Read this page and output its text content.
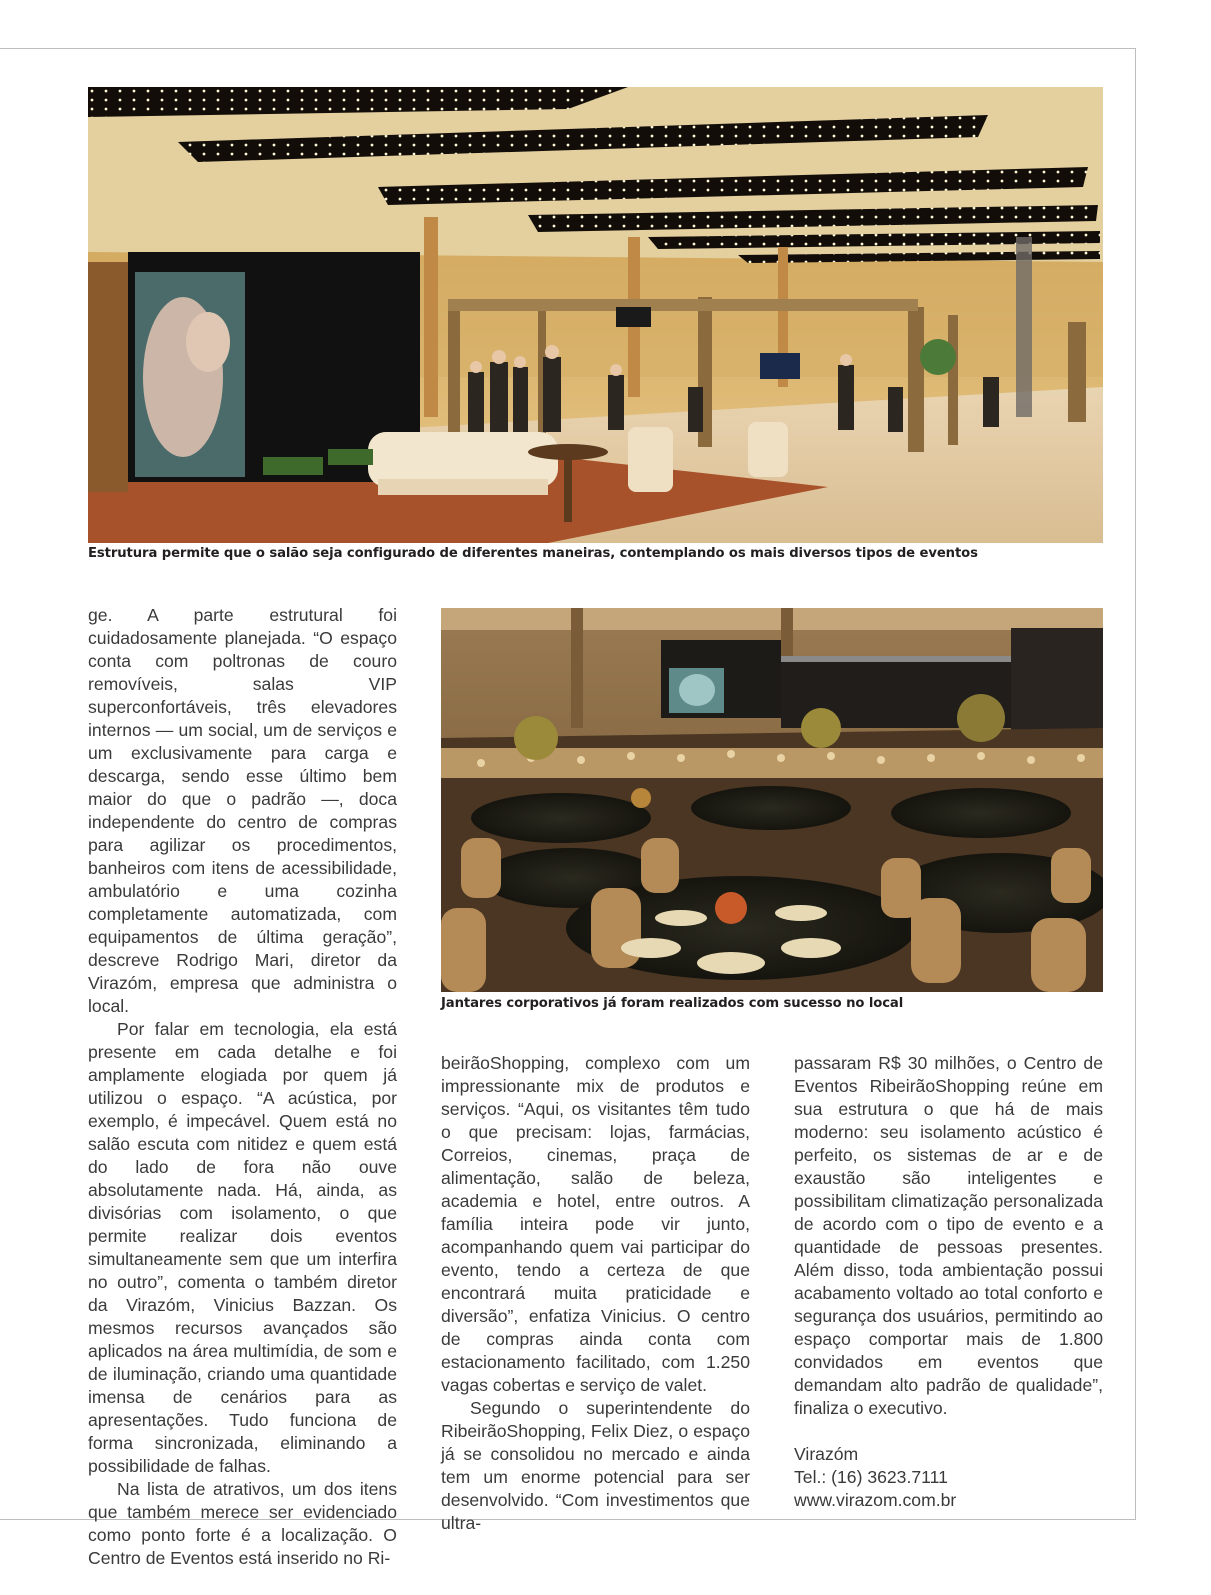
Estrutura permite que o salão seja configurado de diferentes maneiras, contemplando os mais diversos tipos de eventos
Jantares corporativos já foram realizados com sucesso no local

ge. A parte estrutural foi cuidadosamente planejada. “O espaço conta com poltronas de couro removíveis, salas VIP superconfortáveis, três elevadores internos — um social, um de serviços e um exclusivamente para carga e descarga, sendo esse último bem maior do que o padrão —, doca independente do centro de compras para agilizar os procedimentos, banheiros com itens de acessibilidade, ambulatório e uma cozinha completamente automatizada, com equipamentos de última geração”, descreve Rodrigo Mari, diretor da Virazóm, empresa que administra o local.

Por falar em tecnologia, ela está presente em cada detalhe e foi amplamente elogiada por quem já utilizou o espaço. “A acústica, por exemplo, é impecável. Quem está no salão escuta com nitidez e quem está do lado de fora não ouve absolutamente nada. Há, ainda, as divisórias com isolamento, o que permite realizar dois eventos simultaneamente sem que um interfira no outro”, comenta o também diretor da Virazóm, Vinicius Bazzan. Os mesmos recursos avançados são aplicados na área multimídia, de som e de iluminação, criando uma quantidade imensa de cenários para as apresentações. Tudo funciona de forma sincronizada, eliminando a possibilidade de falhas.

Na lista de atrativos, um dos itens que também merece ser evidenciado como ponto forte é a localização. O Centro de Eventos está inserido no Ri-

beirãoShopping, complexo com um impressionante mix de produtos e serviços. “Aqui, os visitantes têm tudo o que precisam: lojas, farmácias, Correios, cinemas, praça de alimentação, salão de beleza, academia e hotel, entre outros. A família inteira pode vir junto, acompanhando quem vai participar do evento, tendo a certeza de que encontrará muita praticidade e diversão”, enfatiza Vinicius. O centro de compras ainda conta com estacionamento facilitado, com 1.250 vagas cobertas e serviço de valet.

Segundo o superintendente do RibeirãoShopping, Felix Diez, o espaço já se consolidou no mercado e ainda tem um enorme potencial para ser desenvolvido. “Com investimentos que ultra-

passaram R$ 30 milhões, o Centro de Eventos RibeirãoShopping reúne em sua estrutura o que há de mais moderno: seu isolamento acústico é perfeito, os sistemas de ar e de exaustão são inteligentes e possibilitam climatização personalizada de acordo com o tipo de evento e a quantidade de pessoas presentes. Além disso, toda ambientação possui acabamento voltado ao total conforto e segurança dos usuários, permitindo ao espaço comportar mais de 1.800 convidados em eventos que demandam alto padrão de qualidade”, finaliza o executivo.

Virazóm
Tel.: (16) 3623.7111
www.virazom.com.br
